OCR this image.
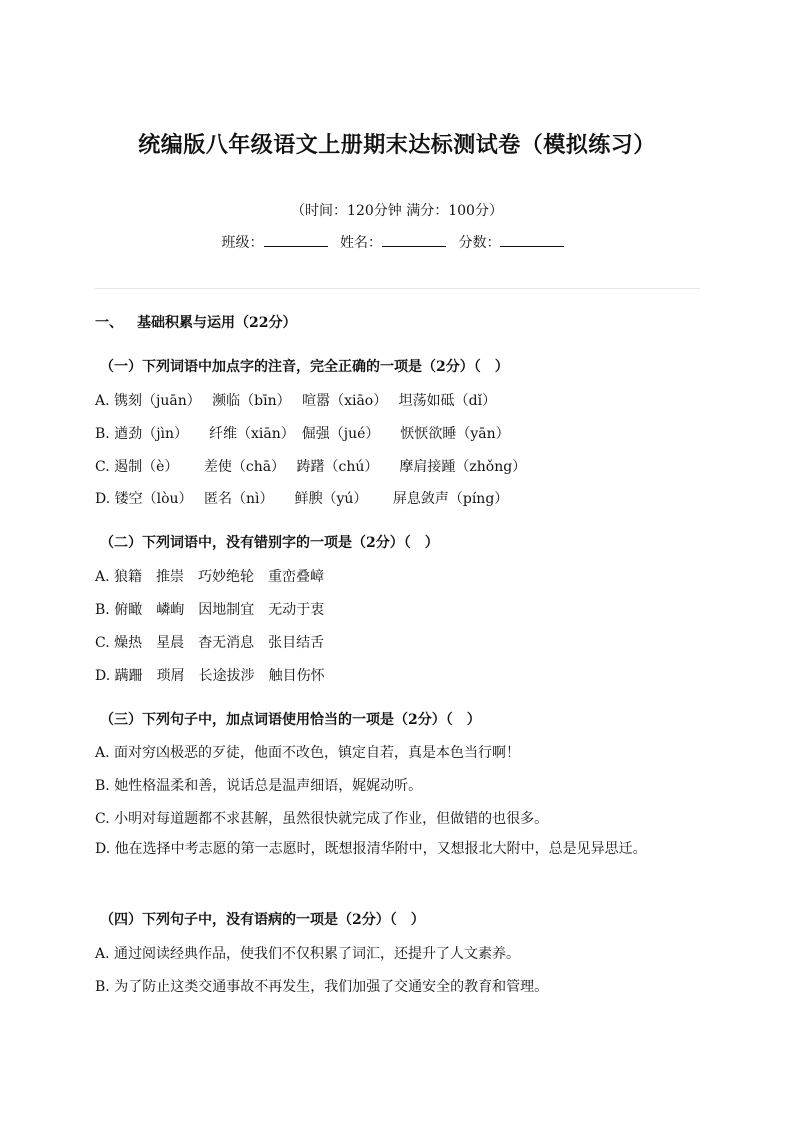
统编版八年级语文上册期末达标测试卷（模拟练习）
（时间：120分钟 满分：100分）
班级：	姓名：	分数：
一、 基础积累与运用（22分）
（一）下列词语中加点字的注音，完全正确的一项是（2分）（　）
A. 镌刻（juān）　 濒临（bīn）　 喧嚣（xiāo）　 坦荡如砥（dǐ）
B. 遒劲（jìn）　　纤维（xiān）　倔强（jué）　　恹恹欲睡（yān）
C. 遏制（è）　　 差使（chā）　 踌躇（chú）　　摩肩接踵（zhǒng）
D. 镂空（lòu）　 匿名（nì）　　鲜腴（yú）　　 屏息敛声（píng）
（二）下列词语中，没有错别字的一项是（2分）（　）
A. 狼籍　推崇　巧妙绝轮　重峦叠嶂
B. 俯瞰　嶙峋　因地制宜　无动于衷
C. 燥热　星晨　杳无消息　张目结舌
D. 蹒跚　琐屑　长途拔涉　触目伤怀
（三）下列句子中，加点词语使用恰当的一项是（2分）（　）
A. 面对穷凶极恶的歹徒，他面不改色，镇定自若，真是本色当行啊！
B. 她性格温柔和善，说话总是温声细语，娓娓动听。
C. 小明对每道题都不求甚解，虽然很快就完成了作业，但做错的也很多。
D. 他在选择中考志愿的第一志愿时，既想报清华附中，又想报北大附中，总是见异思迁。
（四）下列句子中，没有语病的一项是（2分）（　）
A. 通过阅读经典作品，使我们不仅积累了词汇，还提升了人文素养。
B. 为了防止这类交通事故不再发生，我们加强了交通安全的教育和管理。
